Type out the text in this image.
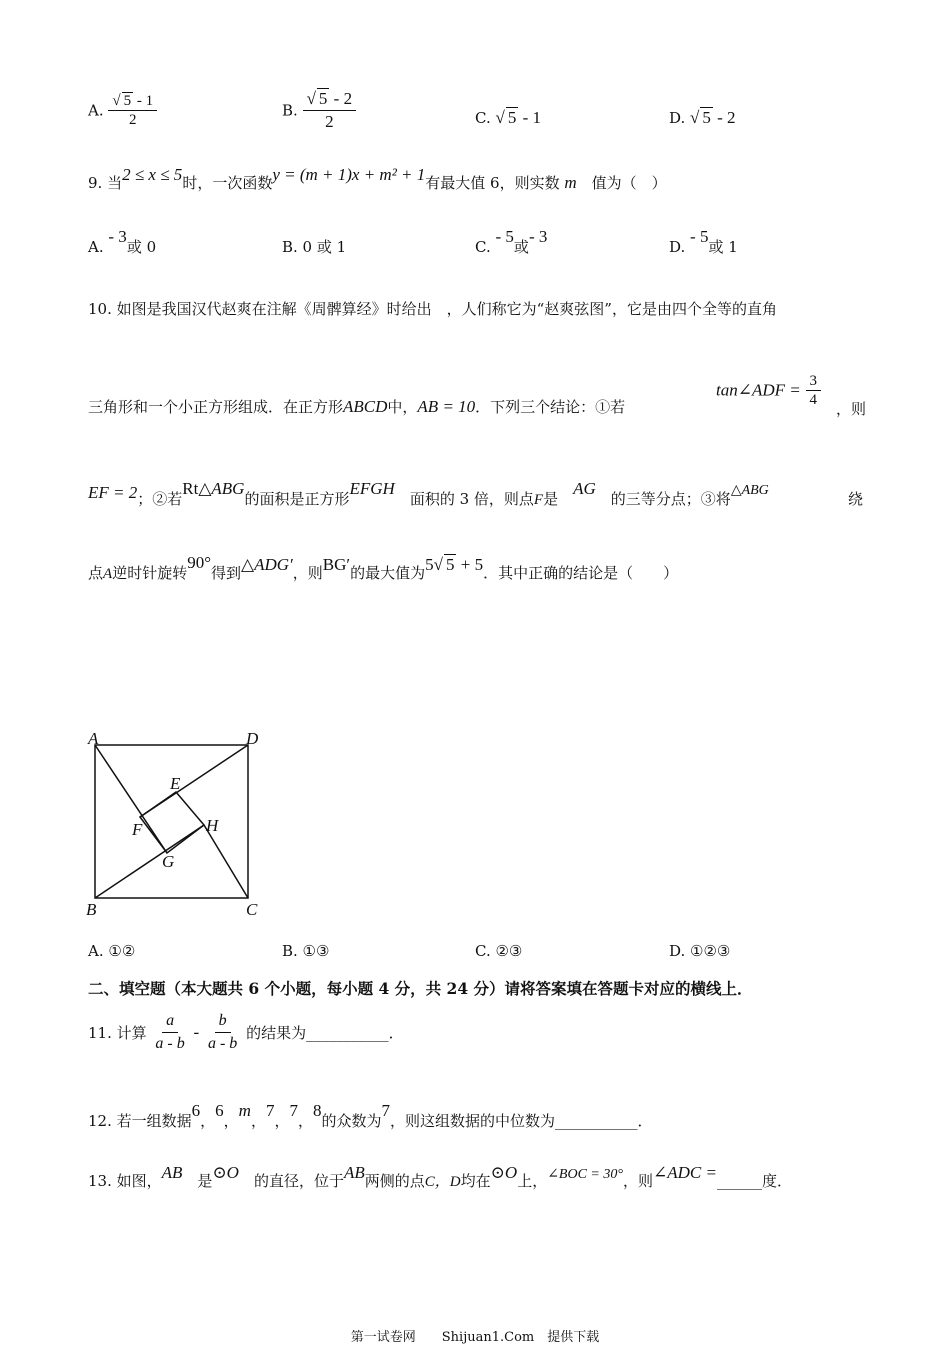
A. $\frac{√ 5 - 1}{2}$	B. $\frac{√ 5 - 2}{2}$	C. √ 5 - 1	D. √ 5 - 2
9. 当2 ≤ x ≤ 5时，一次函数y = (m + 1)x + m² + 1有最大值 6，则实数 m　 值为（　）
A. - 3或 0	B. 0 或 1	C. - 5或- 3
D. - 5或 1
10. 如图是我国汉代赵爽在注解《周髀算经》时给出　，人们称它为“赵爽弦图”，它是由四个全等的直角
三角形和一个小正方形组成．在正方形ABCD中，AB = 10．下列三个结论：①若
tan∠ADF = $\frac{3}{4}$ ，则
EF = 2；②若Rt△ABG的面积是正方形EFGH　面积的 3 倍，则点F是　AG　的三等分点；③将△ABG	绕
点A逆时针旋转90°得到△ADG′，则BG′的最大值为5√ 5 + 5．其中正确的结论是（　　）
A	D
B	C
E
F
G
H
A. ①②	B. ①③	C. ②③	D. ①②③
二、填空题（本大题共 6 个小题，每小题 4 分，共 24 分）请将答案填在答题卡对应的横线上．
11. 计算 $\frac{a}{a - b} - \frac{b}{a - b}$ 的结果为___________．
12. 若一组数据6，6，m，7，7，8的众数为7，则这组数据的中位数为___________．
13. 如图，AB　 是⊙O　 的直径，位于AB两侧的点C，D均在⊙O上，∠BOC = 30°，则∠ADC =______度．
第一试卷网　　Shijuan1.Com　提供下载
